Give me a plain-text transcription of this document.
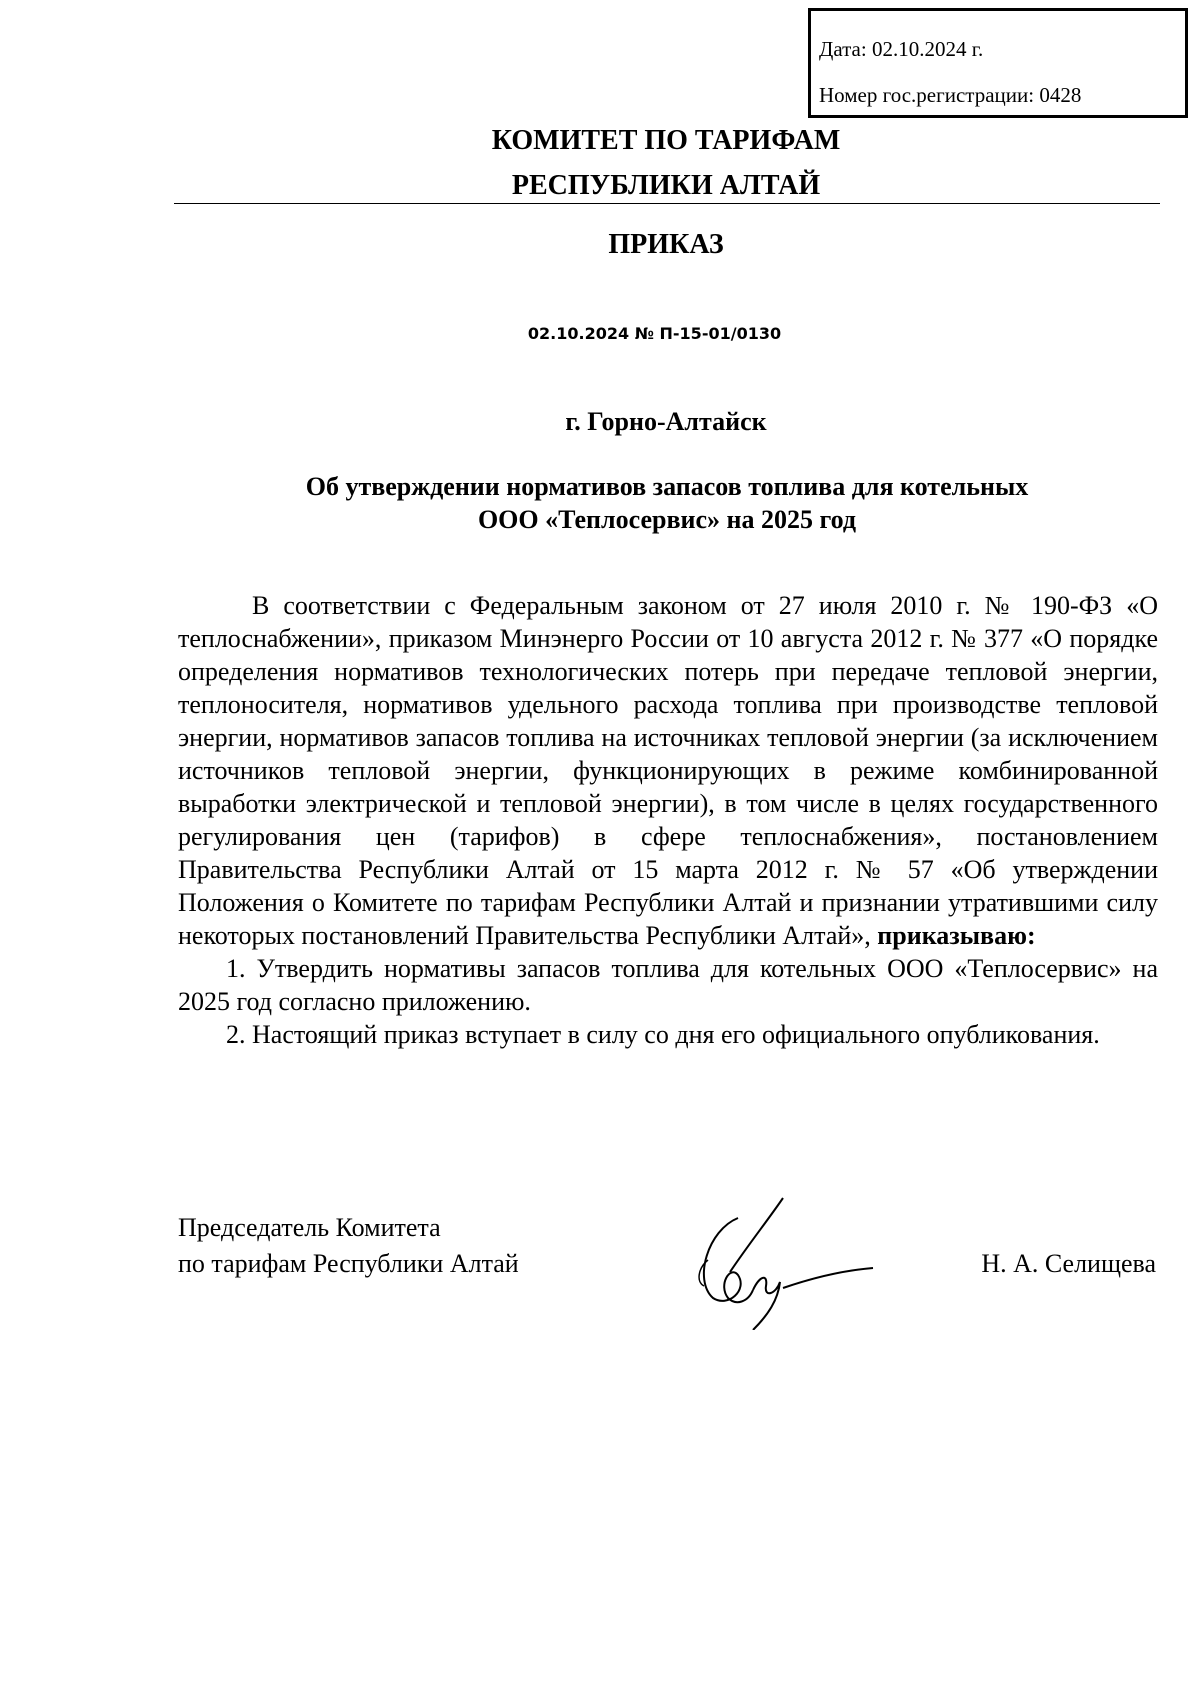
Дата: 02.10.2024 г.
Номер гос.регистрации: 0428
КОМИТЕТ ПО ТАРИФАМ
РЕСПУБЛИКИ АЛТАЙ
ПРИКАЗ
02.10.2024 № П-15-01/0130
г. Горно-Алтайск
Об утверждении нормативов запасов топлива для котельных
ООО «Теплосервис» на 2025 год

В соответствии с Федеральным законом от 27 июля 2010 г. № 190-ФЗ «О теплоснабжении», приказом Минэнерго России от 10 августа 2012 г. № 377 «О порядке определения нормативов технологических потерь при передаче тепловой энергии, теплоносителя, нормативов удельного расхода топлива при производстве тепловой энергии, нормативов запасов топлива на источниках тепловой энергии (за исключением источников тепловой энергии, функционирующих в режиме комбинированной выработки электрической и тепловой энергии), в том числе в целях государственного регулирования цен (тарифов) в сфере теплоснабжения», постановлением Правительства Республики Алтай от 15 марта 2012 г. № 57 «Об утверждении Положения о Комитете по тарифам Республики Алтай и признании утратившими силу некоторых постановлений Правительства Республики Алтай», приказываю:

1. Утвердить нормативы запасов топлива для котельных ООО «Теплосервис» на 2025 год согласно приложению.

2. Настоящий приказ вступает в силу со дня его официального опубликования.

Председатель Комитета
по тарифам Республики Алтай	Н. А. Селищева
